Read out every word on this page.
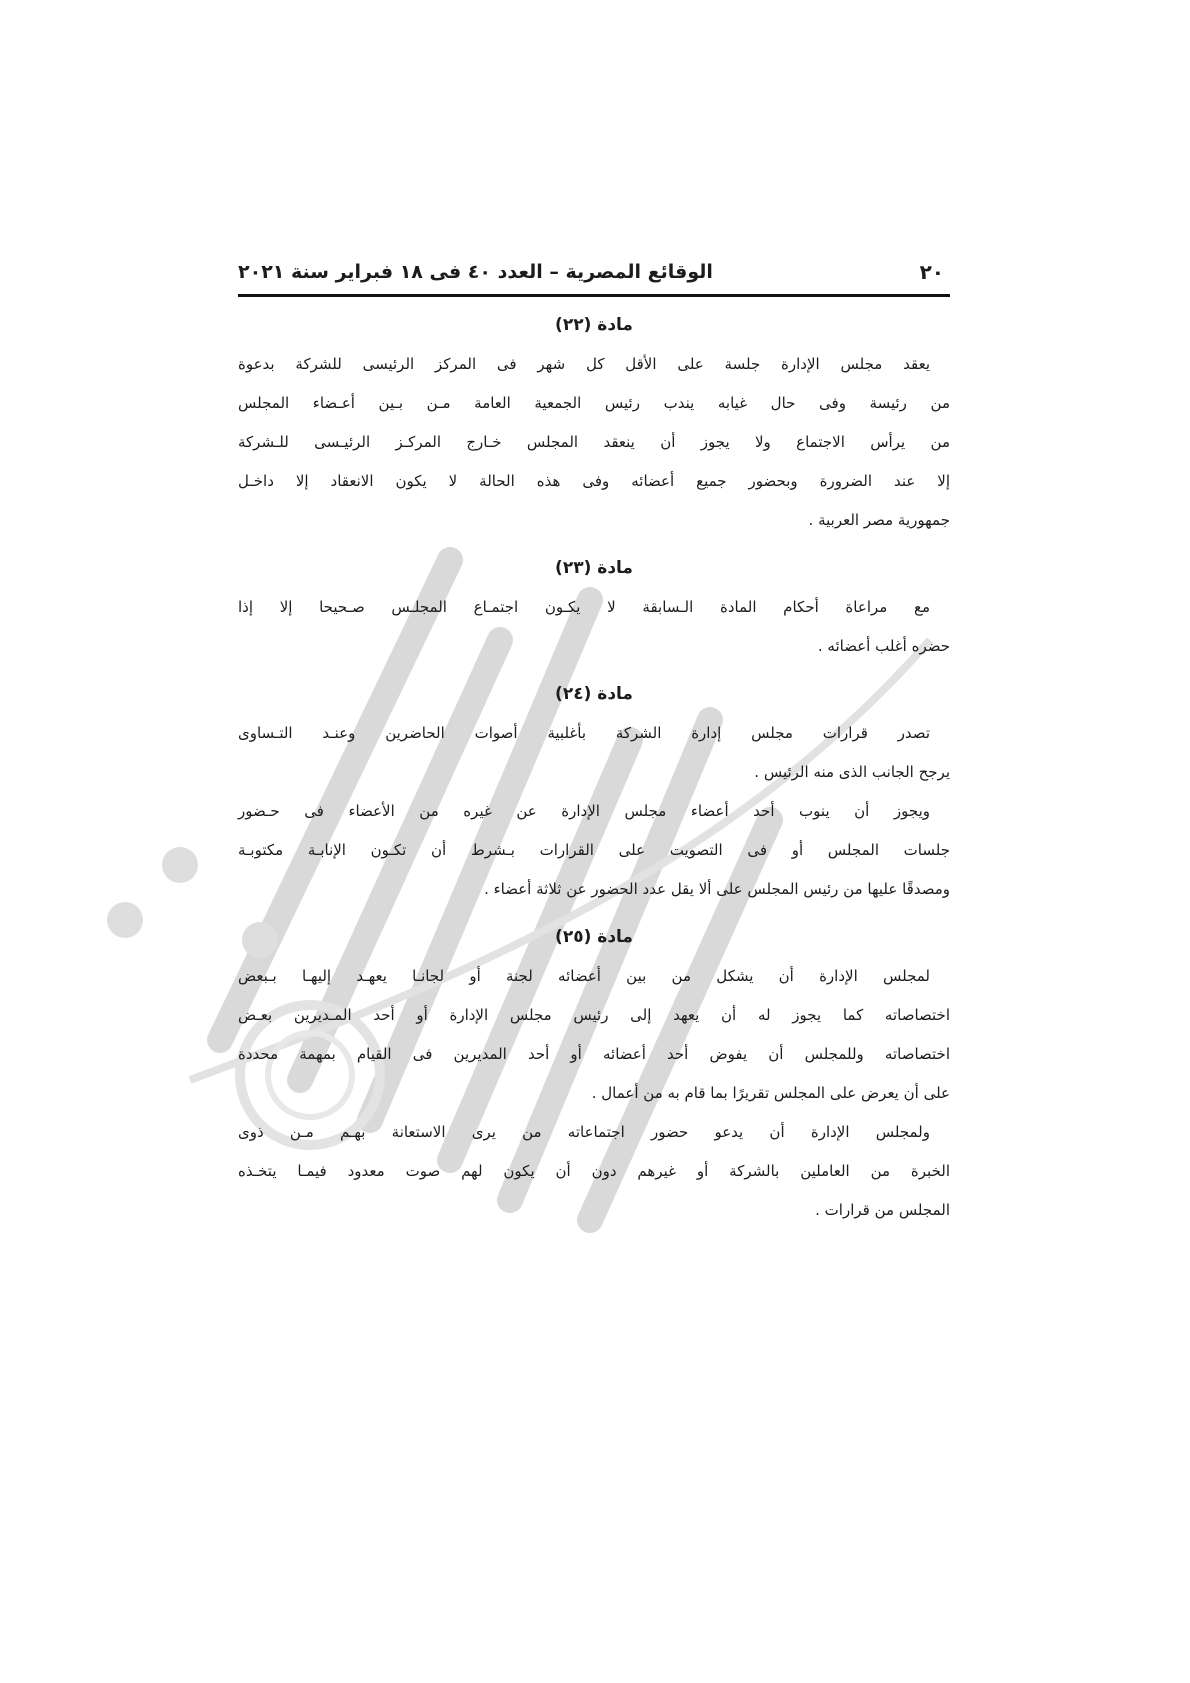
٢٠
الوقائع المصرية – العدد ٤٠ فى ١٨ فبراير سنة ٢٠٢١
مادة (٢٢)

يعقد مجلس الإدارة جلسة على الأقل كل شهر فى المركز الرئيسى للشركة بدعوة
من رئيسة وفى حال غيابه يندب رئيس الجمعية العامة مـن بـين أعـضاء المجلس
من يرأس الاجتماع ولا يجوز أن ينعقد المجلس خـارج المركـز الرئيـسى للـشركة
إلا عند الضرورة وبحضور جميع أعضائه وفى هذه الحالة لا يكون الانعقاد إلا داخـل
جمهورية مصر العربية .

مادة (٢٣)

مع مراعاة أحكام المادة الـسابقة لا يكـون اجتمـاع المجلـس صـحيحا إلا إذا
حضره أغلب أعضائه .

مادة (٢٤)

تصدر قرارات مجلس إدارة الشركة بأغلبية أصوات الحاضرين وعنـد التـساوى
يرجح الجانب الذى منه الرئيس .

ويجوز أن ينوب أحد أعضاء مجلس الإدارة عن غيره من الأعضاء فى حـضور
جلسات المجلس أو فى التصويت على القرارات بـشرط أن تكـون الإنابـة مكتوبـة
ومصدقًا عليها من رئيس المجلس على ألا يقل عدد الحضور عن ثلاثة أعضاء .

مادة (٢٥)

لمجلس الإدارة أن يشكل من بين أعضائه لجنة أو لجانـا يعهـد إليهـا بـبعض
اختصاصاته كما يجوز له أن يعهد إلى رئيس مجلس الإدارة أو أحد المـديرين بعـض
اختصاصاته وللمجلس أن يفوض أحد أعضائه أو أحد المديرين فى القيام بمهمة محددة
على أن يعرض على المجلس تقريرًا بما قام به من أعمال .

ولمجلس الإدارة أن يدعو حضور اجتماعاته من يرى الاستعانة بهـم مـن ذوى
الخبرة من العاملين بالشركة أو غيرهم دون أن يكون لهم صوت معدود فيمـا يتخـذه
المجلس من قرارات .
